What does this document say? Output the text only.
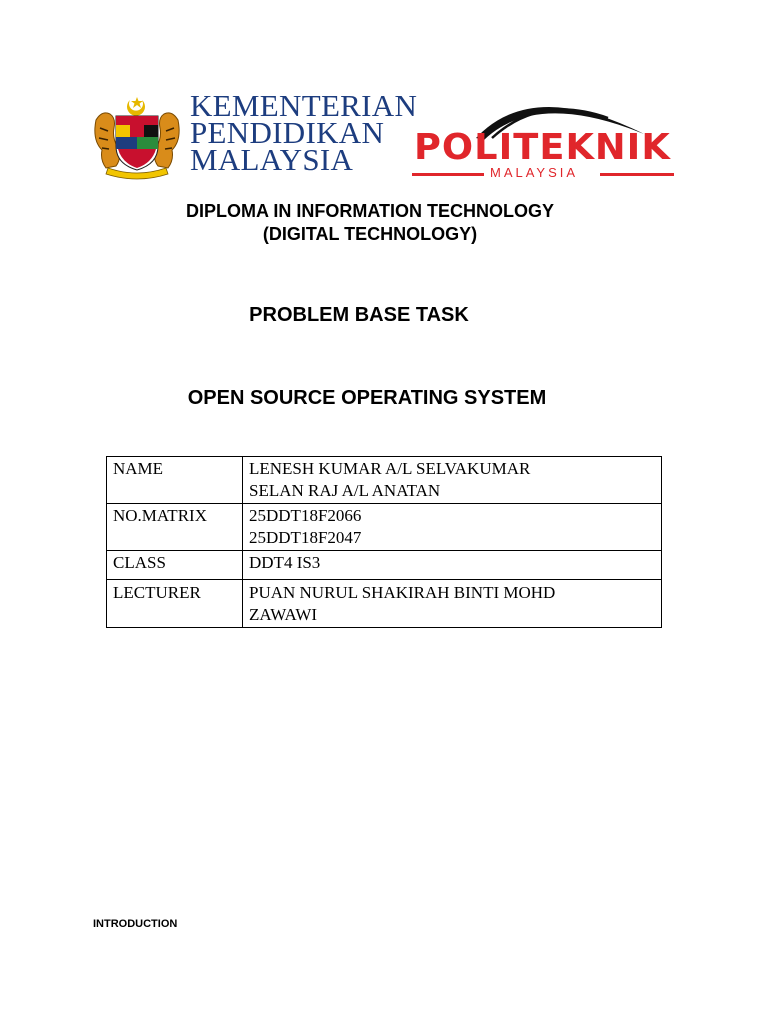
KEMENTERIAN
PENDIDIKAN
MALAYSIA	POLITEKNIK
MALAYSIA
DIPLOMA IN INFORMATION TECHNOLOGY
(DIGITAL TECHNOLOGY)
PROBLEM BASE TASK
OPEN SOURCE OPERATING SYSTEM
NAME	LENESH KUMAR A/L SELVAKUMAR
SELAN RAJ A/L ANATAN

NO.MATRIX	25DDT18F2066
25DDT18F2047

CLASS	DDT4 IS3

LECTURER	PUAN NURUL SHAKIRAH BINTI MOHD
ZAWAWI
INTRODUCTION
